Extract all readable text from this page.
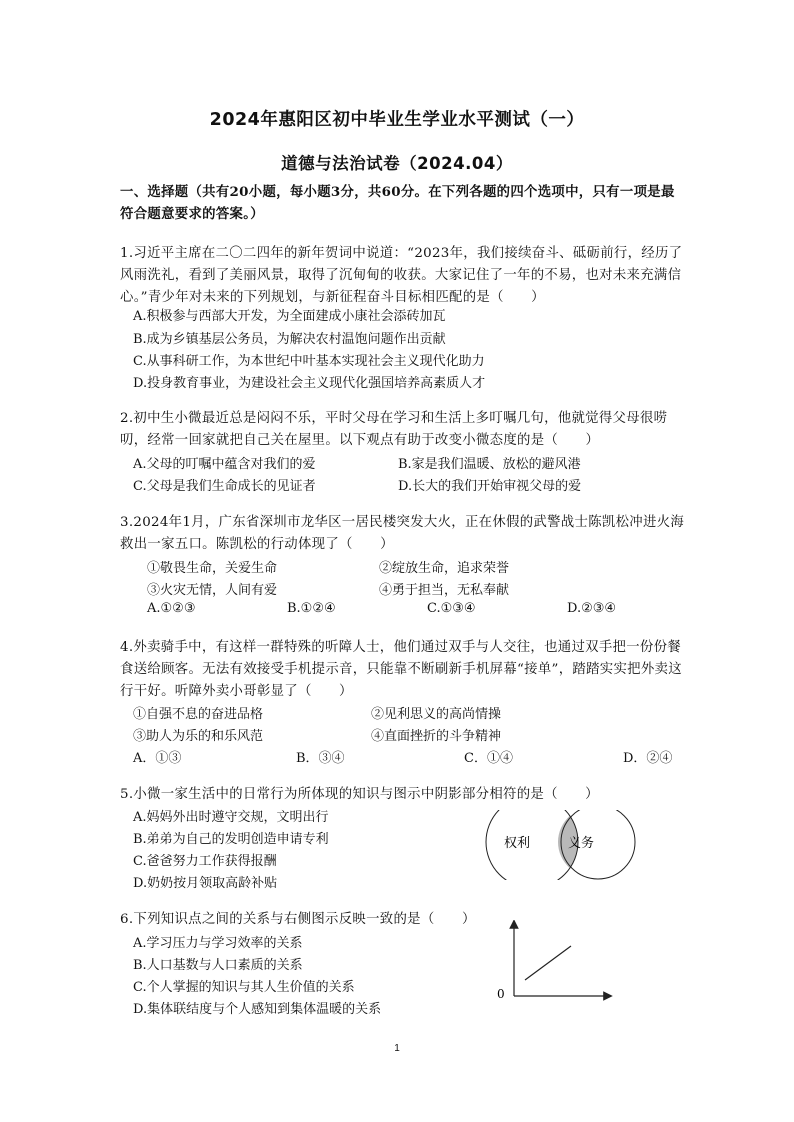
2024年惠阳区初中毕业生学业水平测试（一）
道德与法治试卷（2024.04）
一、选择题（共有20小题，每小题3分，共60分。在下列各题的四个选项中，只有一项是最符合题意要求的答案。）
1.习近平主席在二〇二四年的新年贺词中说道：“2023年，我们接续奋斗、砥砺前行，经历了风雨洗礼，看到了美丽风景，取得了沉甸甸的收获。大家记住了一年的不易，也对未来充满信心。”青少年对未来的下列规划，与新征程奋斗目标相匹配的是（　　）
A.积极参与西部大开发，为全面建成小康社会添砖加瓦
B.成为乡镇基层公务员，为解决农村温饱问题作出贡献
C.从事科研工作，为本世纪中叶基本实现社会主义现代化助力
D.投身教育事业，为建设社会主义现代化强国培养高素质人才
2.初中生小微最近总是闷闷不乐，平时父母在学习和生活上多叮嘱几句，他就觉得父母很唠叨，经常一回家就把自己关在屋里。以下观点有助于改变小微态度的是（　　）
A.父母的叮嘱中蕴含对我们的爱	B.家是我们温暖、放松的避风港
C.父母是我们生命成长的见证者	D.长大的我们开始审视父母的爱
3.2024年1月，广东省深圳市龙华区一居民楼突发大火，正在休假的武警战士陈凯松冲进火海救出一家五口。陈凯松的行动体现了（　　）
①敬畏生命，关爱生命	②绽放生命，追求荣誉
③火灾无情，人间有爱	④勇于担当，无私奉献
A.①②③	B.①②④	C.①③④	D.②③④
4.外卖骑手中，有这样一群特殊的听障人士，他们通过双手与人交往，也通过双手把一份份餐食送给顾客。无法有效接受手机提示音，只能靠不断刷新手机屏幕“接单”，踏踏实实把外卖这行干好。听障外卖小哥彰显了（　　）
①自强不息的奋进品格	②见利思义的高尚情操
③助人为乐的和乐风范	④直面挫折的斗争精神
A．①③	B．③④	C．①④	D．②④
5.小微一家生活中的日常行为所体现的知识与图示中阴影部分相符的是（　　）
A.妈妈外出时遵守交规，文明出行
B.弟弟为自己的发明创造申请专利
C.爸爸努力工作获得报酬
D.奶奶按月领取高龄补贴
权利	义务
6.下列知识点之间的关系与右侧图示反映一致的是（　　）
A.学习压力与学习效率的关系
B.人口基数与人口素质的关系
C.个人掌握的知识与其人生价值的关系
D.集体联结度与个人感知到集体温暖的关系
0
1
